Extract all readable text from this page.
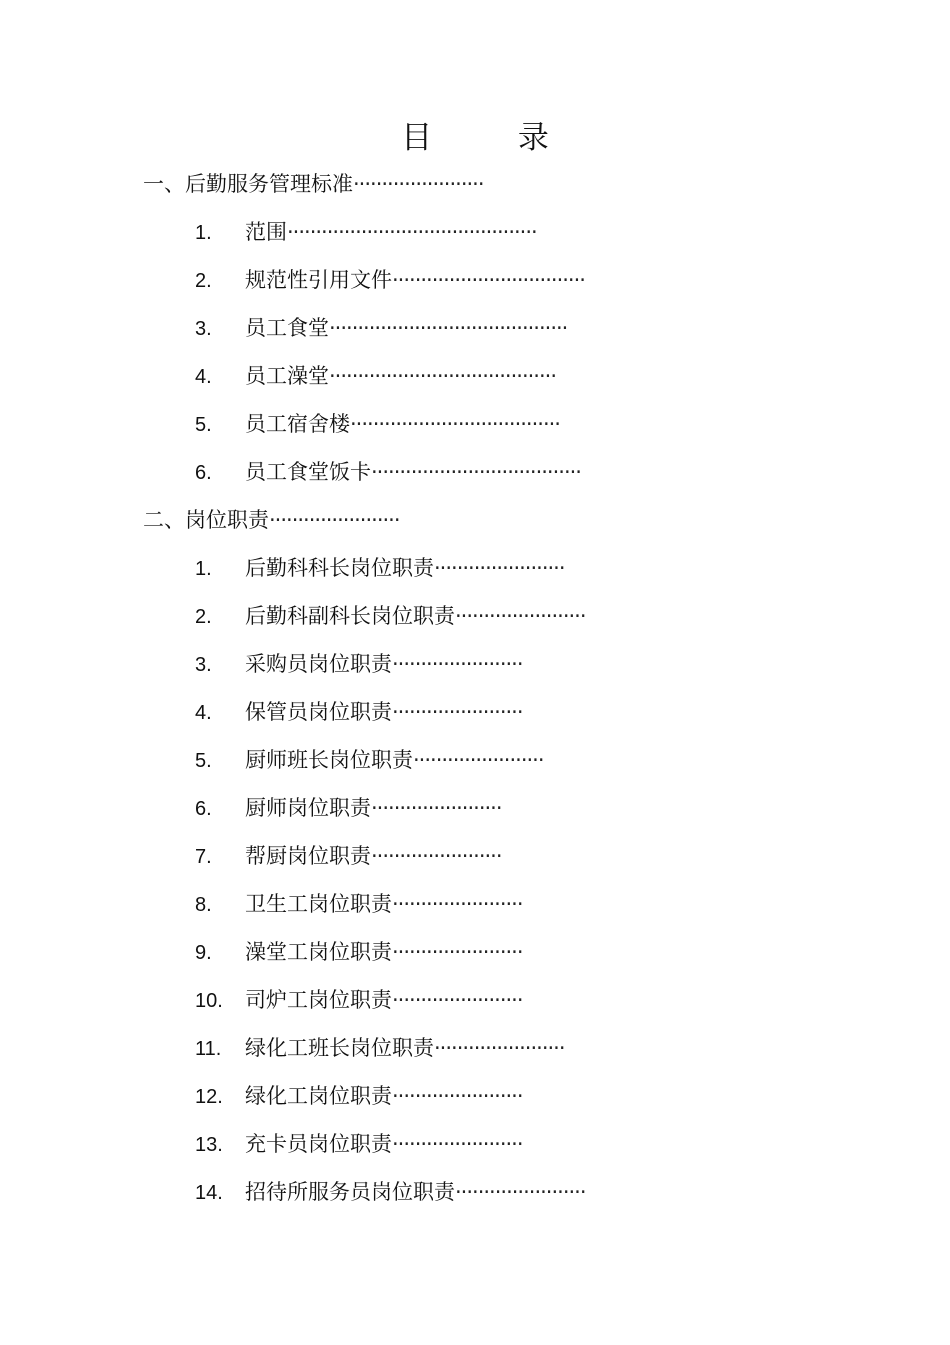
目 录
一、后勤服务管理标准·······················
1. 范围············································
2. 规范性引用文件··································
3. 员工食堂··········································
4. 员工澡堂········································
5. 员工宿舍楼·····································
6. 员工食堂饭卡·····································
二、岗位职责·······················
1. 后勤科科长岗位职责·······················
2. 后勤科副科长岗位职责·······················
3. 采购员岗位职责·······················
4. 保管员岗位职责·······················
5. 厨师班长岗位职责·······················
6. 厨师岗位职责·······················
7. 帮厨岗位职责·······················
8. 卫生工岗位职责·······················
9. 澡堂工岗位职责·······················
10. 司炉工岗位职责·······················
11. 绿化工班长岗位职责·······················
12. 绿化工岗位职责·······················
13. 充卡员岗位职责·······················
14. 招待所服务员岗位职责·······················
